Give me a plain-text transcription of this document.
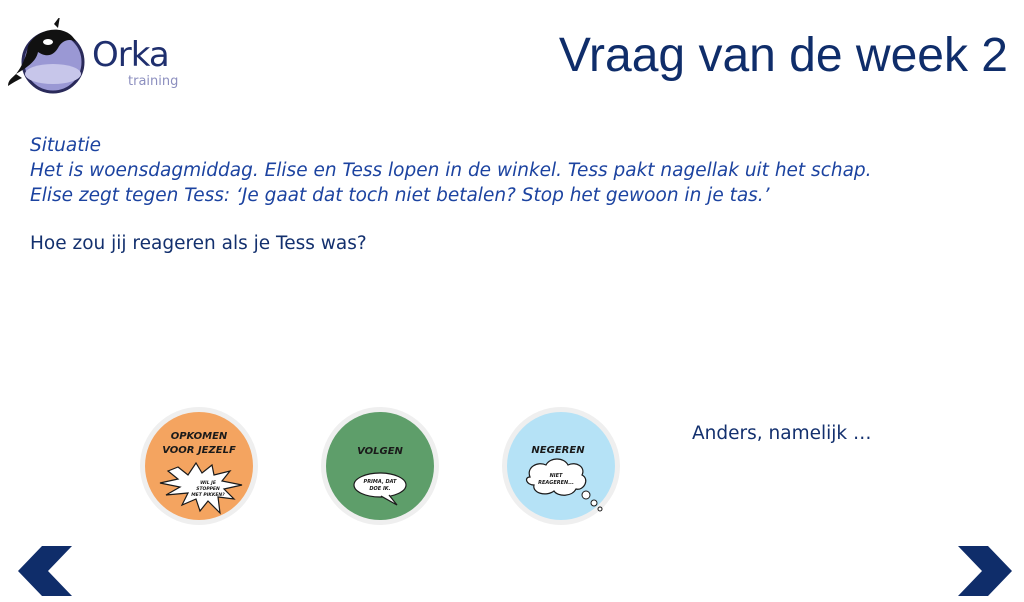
Orka
training	Vraag van de week 2
Situatie
Het is woensdagmiddag. Elise en Tess lopen in de winkel. Tess pakt nagellak uit het schap.
Elise zegt tegen Tess: ‘Je gaat dat toch niet betalen? Stop het gewoon in je tas.’
Hoe zou jij reageren als je Tess was?
OPKOMEN
VOOR JEZELF
WIL JE
STOPPEN
MET PIKKEN?
VOLGEN
PRIMA, DAT
DOE IK.
NEGEREN
NIET
REAGEREN...
Anders, namelijk …
